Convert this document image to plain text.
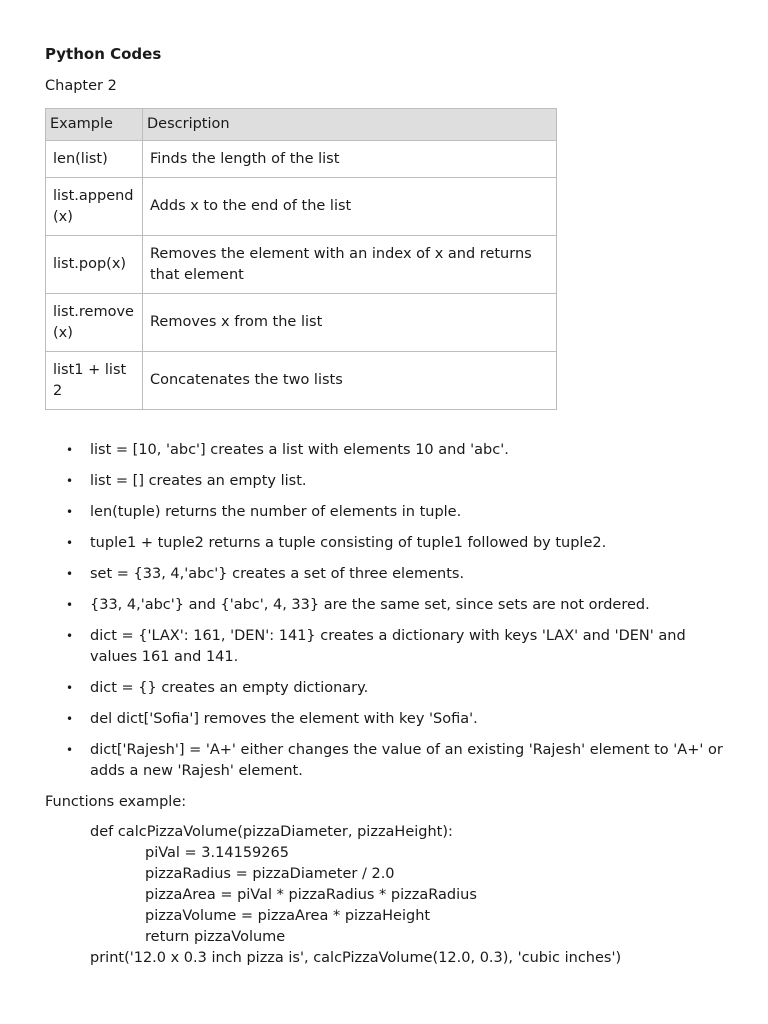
Python Codes
Chapter 2
Example	Description
len(list)	Finds the length of the list
list.append(x)	Adds x to the end of the list
list.pop(x)	Removes the element with an index of x and returns that element
list.remove(x)	Removes x from the list
list1 + list2	Concatenates the two lists
• list = [10, 'abc'] creates a list with elements 10 and 'abc'.
• list = [] creates an empty list.
• len(tuple) returns the number of elements in tuple.
• tuple1 + tuple2 returns a tuple consisting of tuple1 followed by tuple2.
• set = {33, 4,'abc'} creates a set of three elements.
• {33, 4,'abc'} and {'abc', 4, 33} are the same set, since sets are not ordered.
• dict = {'LAX': 161, 'DEN': 141} creates a dictionary with keys 'LAX' and 'DEN' and values 161 and 141.
• dict = {} creates an empty dictionary.
• del dict['Sofia'] removes the element with key 'Sofia'.
• dict['Rajesh'] = 'A+' either changes the value of an existing 'Rajesh' element to 'A+' or adds a new 'Rajesh' element.
Functions example:
def calcPizzaVolume(pizzaDiameter, pizzaHeight):
piVal = 3.14159265
pizzaRadius = pizzaDiameter / 2.0
pizzaArea = piVal * pizzaRadius * pizzaRadius
pizzaVolume = pizzaArea * pizzaHeight
return pizzaVolume
print('12.0 x 0.3 inch pizza is', calcPizzaVolume(12.0, 0.3), 'cubic inches')
